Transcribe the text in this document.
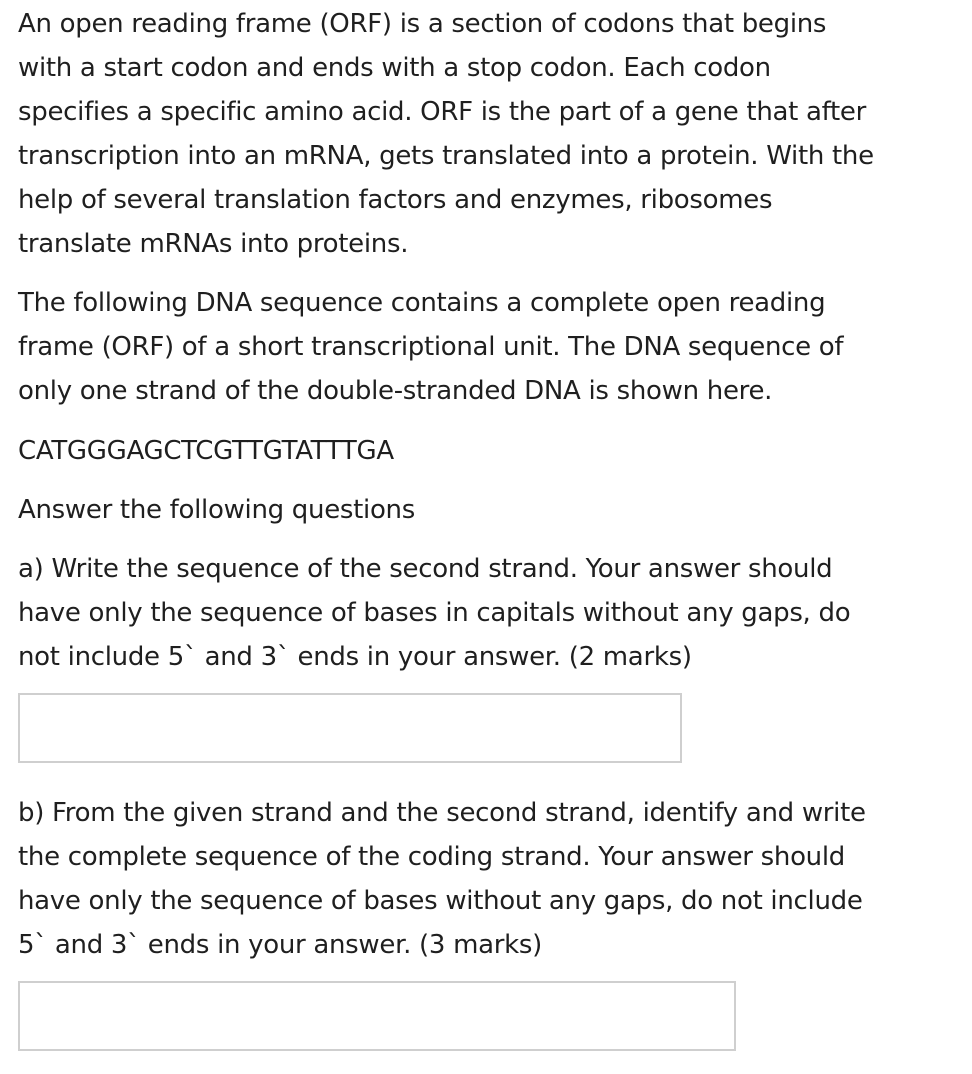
An open reading frame (ORF) is a section of codons that begins
with a start codon and ends with a stop codon. Each codon
specifies a specific amino acid. ORF is the part of a gene that after
transcription into an mRNA, gets translated into a protein. With the
help of several translation factors and enzymes, ribosomes
translate mRNAs into proteins.

The following DNA sequence contains a complete open reading
frame (ORF) of a short transcriptional unit. The DNA sequence of
only one strand of the double-stranded DNA is shown here.

CATGGGAGCTCGTTGTATTTGA

Answer the following questions

a) Write the sequence of the second strand. Your answer should
have only the sequence of bases in capitals without any gaps, do
not include 5` and 3` ends in your answer. (2 marks)

b) From the given strand and the second strand, identify and write
the complete sequence of the coding strand. Your answer should
have only the sequence of bases without any gaps, do not include
5` and 3` ends in your answer. (3 marks)
